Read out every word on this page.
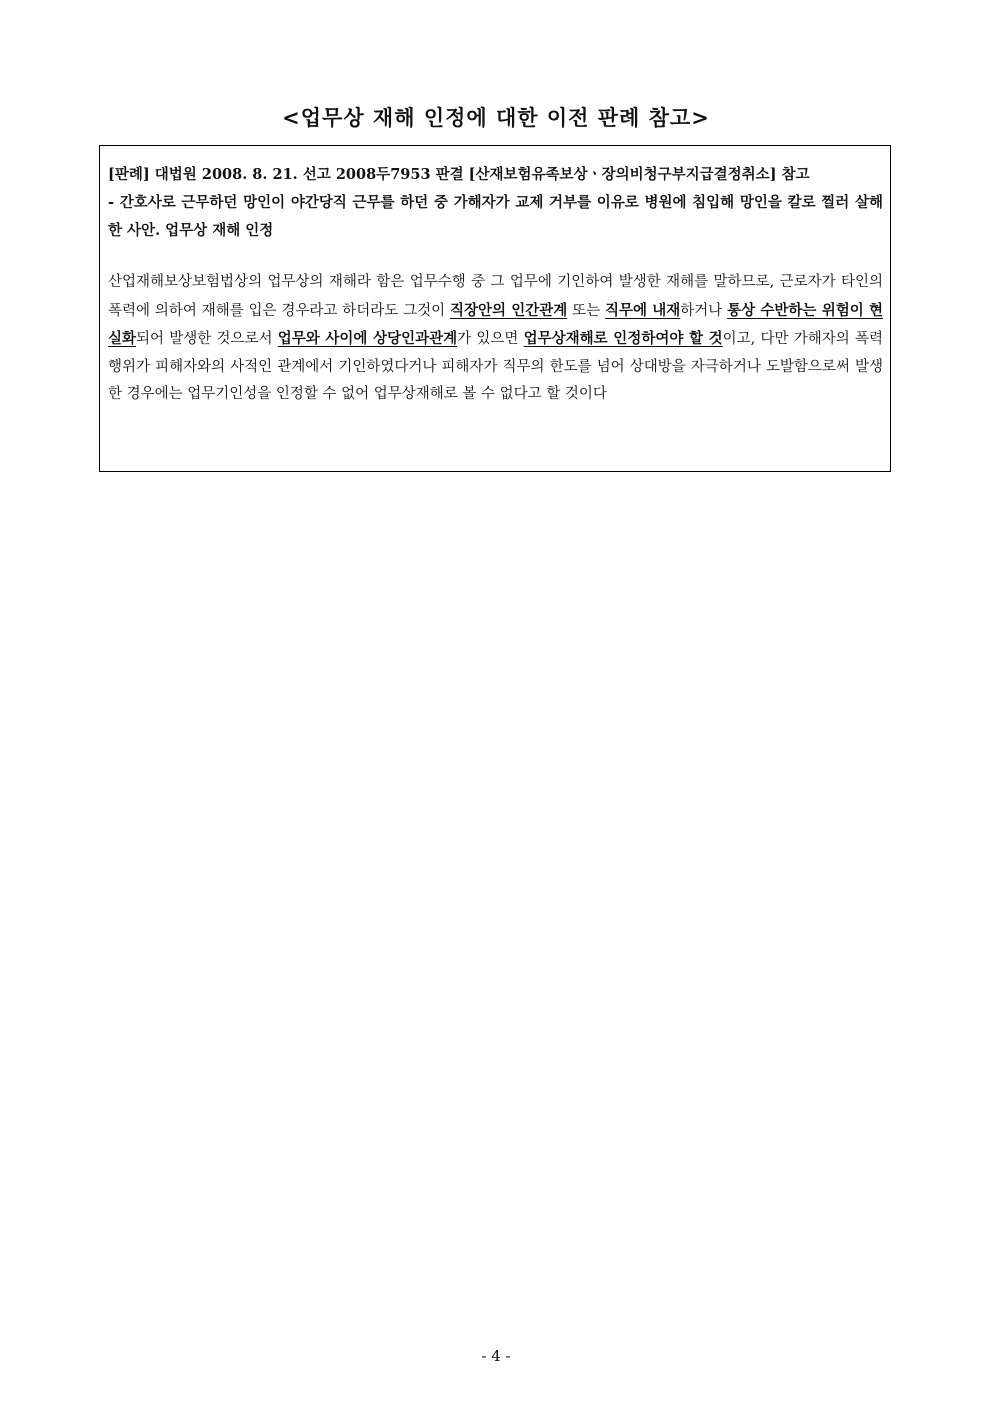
<업무상 재해 인정에 대한 이전 판례 참고>

[판례] 대법원 2008. 8. 21. 선고 2008두7953 판결 [산재보험유족보상ㆍ장의비청구부지급결정취소] 참고

- 간호사로 근무하던 망인이 야간당직 근무를 하던 중 가해자가 교제 거부를 이유로 병원에 침입해 망인을 칼로 찔러 살해한 사안. 업무상 재해 인정

산업재해보상보험법상의 업무상의 재해라 함은 업무수행 중 그 업무에 기인하여 발생한 재해를 말하므로, 근로자가 타인의 폭력에 의하여 재해를 입은 경우라고 하더라도 그것이 직장안의 인간관계 또는 직무에 내재하거나 통상 수반하는 위험이 현실화되어 발생한 것으로서 업무와 사이에 상당인과관계가 있으면 업무상재해로 인정하여야 할 것이고, 다만 가해자의 폭력행위가 피해자와의 사적인 관계에서 기인하였다거나 피해자가 직무의 한도를 넘어 상대방을 자극하거나 도발함으로써 발생한 경우에는 업무기인성을 인정할 수 없어 업무상재해로 볼 수 없다고 할 것이다

- 4 -
